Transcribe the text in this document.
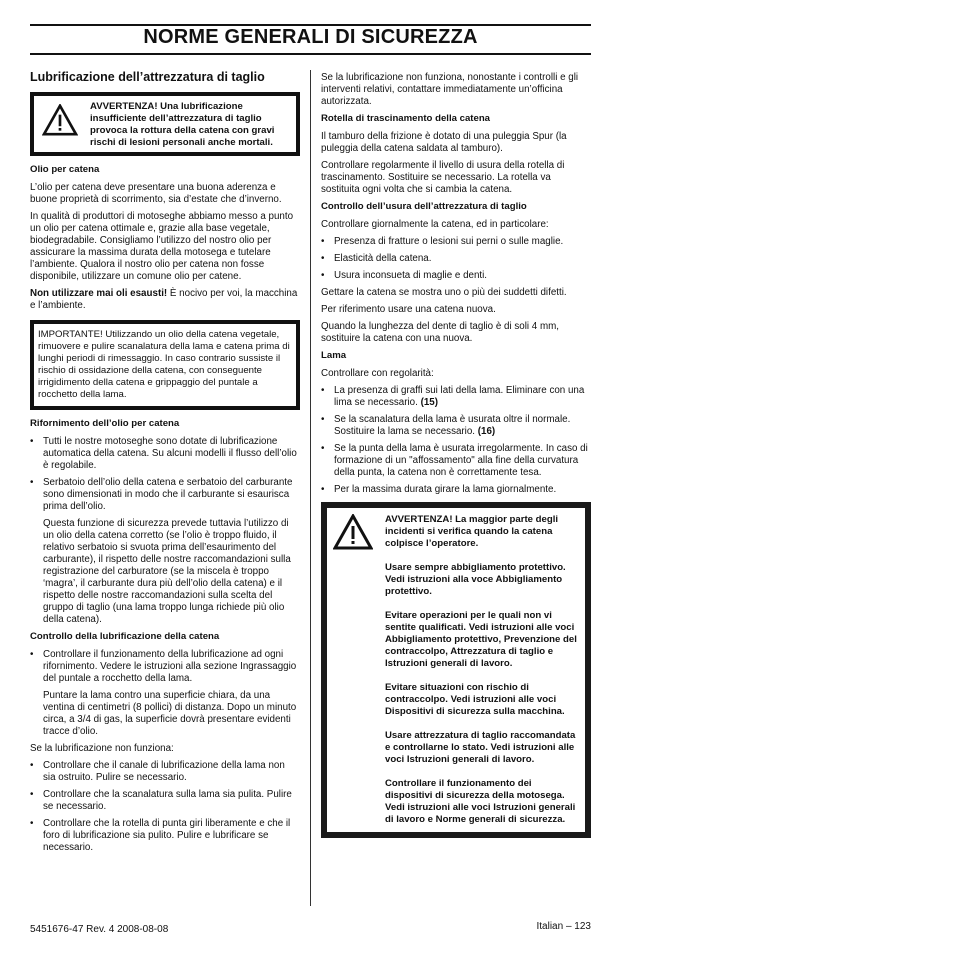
NORME GENERALI DI SICUREZZA
Lubrificazione dell’attrezzatura di taglio
AVVERTENZA! Una lubrificazione insufficiente dell’attrezzatura di taglio provoca la rottura della catena con gravi rischi di lesioni personali anche mortali.
Olio per catena

L’olio per catena deve presentare una buona aderenza e buone proprietà di scorrimento, sia d’estate che d’inverno.

In qualità di produttori di motoseghe abbiamo messo a punto un olio per catena ottimale e, grazie alla base vegetale, biodegradabile. Consigliamo l’utilizzo del nostro olio per assicurare la massima durata della motosega e tutelare l’ambiente. Qualora il nostro olio per catena non fosse disponibile, utilizzare un comune olio per catene.

Non utilizzare mai oli esausti! È nocivo per voi, la macchina e l’ambiente.

IMPORTANTE! Utilizzando un olio della catena vegetale, rimuovere e pulire scanalatura della lama e catena prima di lunghi periodi di rimessaggio. In caso contrario sussiste il rischio di ossidazione della catena, con conseguente irrigidimento della catena e grippaggio del puntale a rocchetto della lama.

Rifornimento dell’olio per catena
• Tutti le nostre motoseghe sono dotate di lubrificazione automatica della catena. Su alcuni modelli il flusso dell’olio è regolabile.
• Serbatoio dell’olio della catena e serbatoio del carburante sono dimensionati in modo che il carburante si esaurisca prima dell’olio.

Questa funzione di sicurezza prevede tuttavia l’utilizzo di un olio della catena corretto (se l’olio è troppo fluido, il relativo serbatoio si svuota prima dell’esaurimento del carburante), il rispetto delle nostre raccomandazioni sulla registrazione del carburatore (se la miscela è troppo ‘magra’, il carburante dura più dell’olio della catena) e il rispetto delle nostre raccomandazioni sulla scelta del gruppo di taglio (una lama troppo lunga richiede più olio della catena).

Controllo della lubrificazione della catena
• Controllare il funzionamento della lubrificazione ad ogni rifornimento. Vedere le istruzioni alla sezione Ingrassaggio del puntale a rocchetto della lama.

Puntare la lama contro una superficie chiara, da una ventina di centimetri (8 pollici) di distanza. Dopo un minuto circa, a 3/4 di gas, la superficie dovrà presentare evidenti tracce d’olio.

Se la lubrificazione non funziona:

• Controllare che il canale di lubrificazione della lama non sia ostruito. Pulire se necessario.
• Controllare che la scanalatura sulla lama sia pulita. Pulire se necessario.
• Controllare che la rotella di punta giri liberamente e che il foro di lubrificazione sia pulito. Pulire e lubrificare se necessario.

Se la lubrificazione non funziona, nonostante i controlli e gli interventi relativi, contattare immediatamente un’officina autorizzata.

Rotella di trascinamento della catena

Il tamburo della frizione è dotato di una puleggia Spur (la puleggia della catena saldata al tamburo).

Controllare regolarmente il livello di usura della rotella di trascinamento. Sostituire se necessario. La rotella va sostituita ogni volta che si cambia la catena.

Controllo dell’usura dell’attrezzatura di taglio

Controllare giornalmente la catena, ed in particolare:

• Presenza di fratture o lesioni sui perni o sulle maglie.
• Elasticità della catena.
• Usura inconsueta di maglie e denti.

Gettare la catena se mostra uno o più dei suddetti difetti.

Per riferimento usare una catena nuova.

Quando la lunghezza del dente di taglio è di soli 4 mm, sostituire la catena con una nuova.

Lama

Controllare con regolarità:

• La presenza di graffi sui lati della lama. Eliminare con una lima se necessario. (15)
• Se la scanalatura della lama è usurata oltre il normale. Sostituire la lama se necessario. (16)
• Se la punta della lama è usurata irregolarmente. In caso di formazione di un "affossamento" alla fine della curvatura della punta, la catena non è correttamente tesa.
• Per la massima durata girare la lama giornalmente.

AVVERTENZA! La maggior parte degli incidenti si verifica quando la catena colpisce l’operatore.

Usare sempre abbigliamento protettivo. Vedi istruzioni alla voce Abbigliamento protettivo.

Evitare operazioni per le quali non vi sentite qualificati. Vedi istruzioni alle voci Abbigliamento protettivo, Prevenzione del contraccolpo, Attrezzatura di taglio e Istruzioni generali di lavoro.

Evitare situazioni con rischio di contraccolpo. Vedi istruzioni alle voci Dispositivi di sicurezza sulla macchina.

Usare attrezzatura di taglio raccomandata e controllarne lo stato. Vedi istruzioni alle voci Istruzioni generali di lavoro.

Controllare il funzionamento dei dispositivi di sicurezza della motosega. Vedi istruzioni alle voci Istruzioni generali di lavoro e Norme generali di sicurezza.

5451676-47 Rev. 4 2008-08-08	Italian – 123
